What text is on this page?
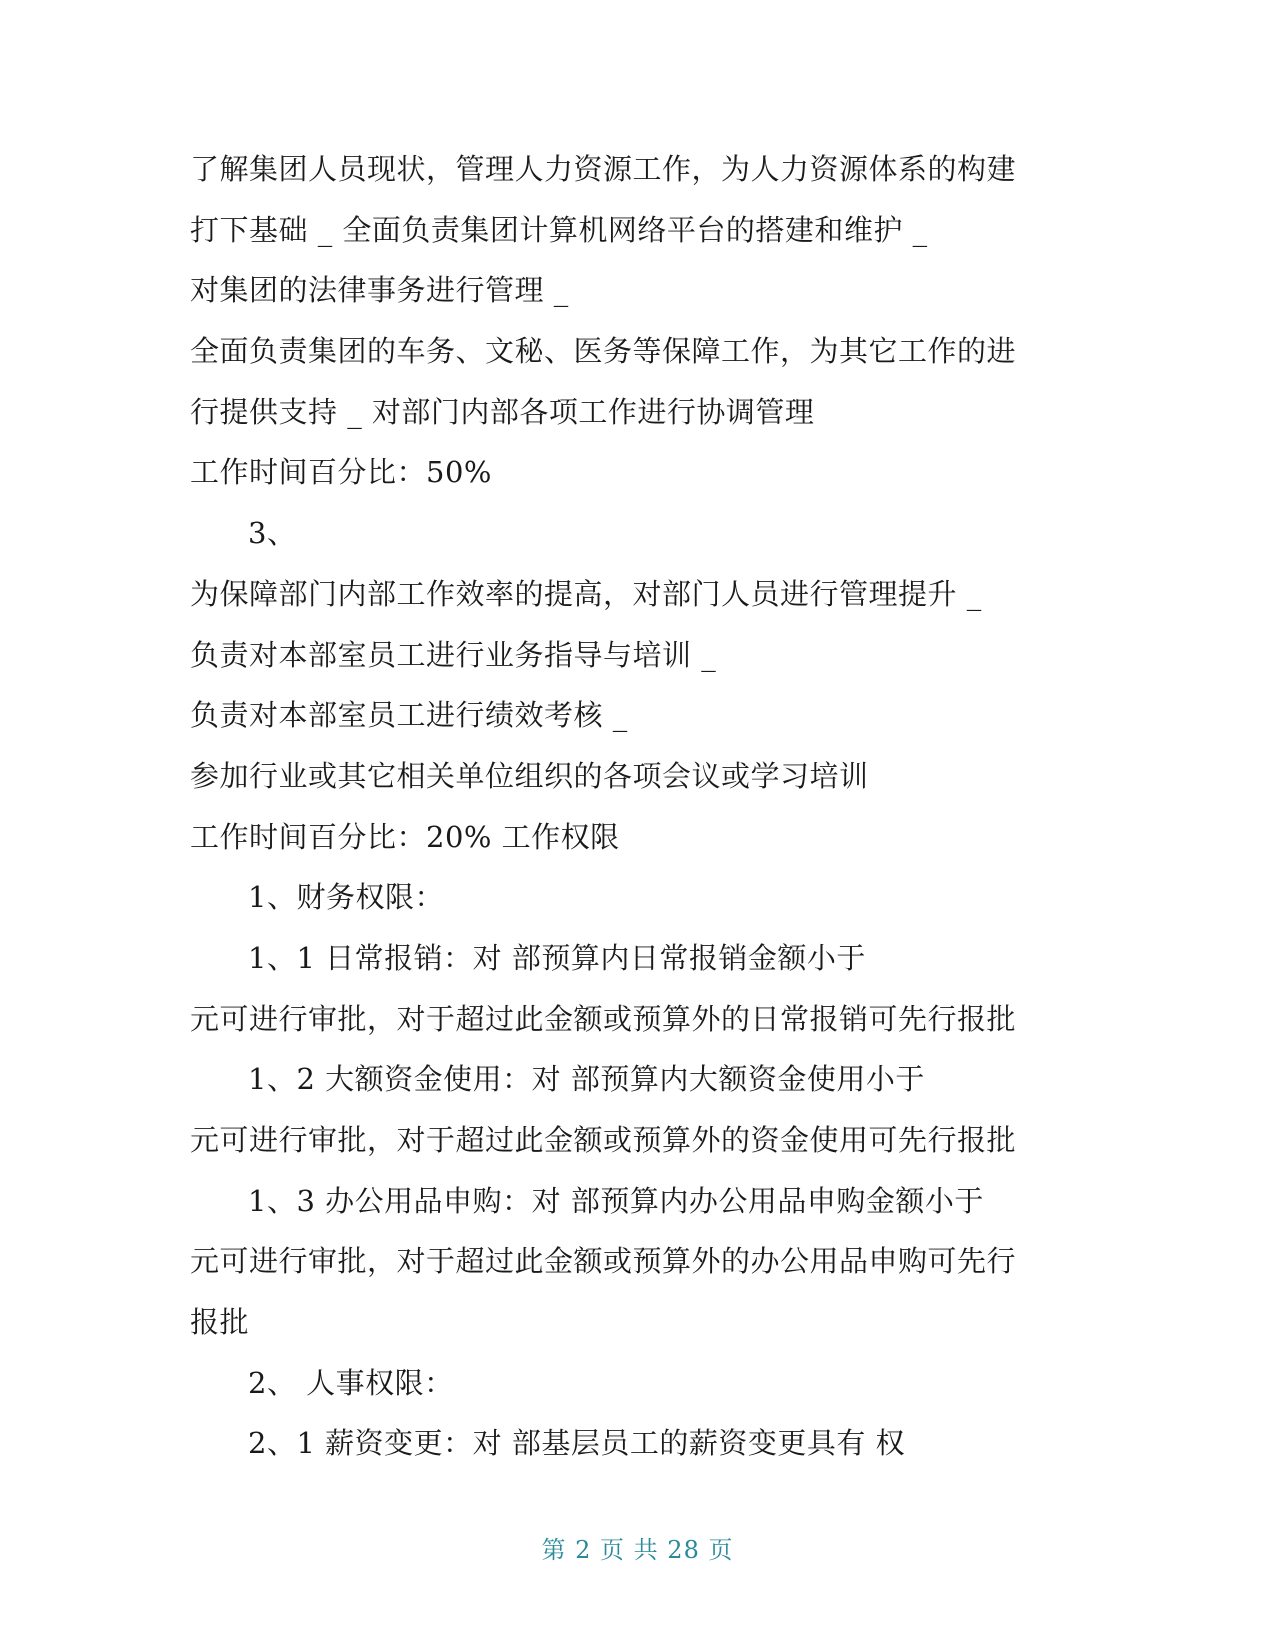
了解集团人员现状，管理人力资源工作，为人力资源体系的构建
打下基础 _ 全面负责集团计算机网络平台的搭建和维护 _
对集团的法律事务进行管理 _
全面负责集团的车务、文秘、医务等保障工作，为其它工作的进
行提供支持 _ 对部门内部各项工作进行协调管理
工作时间百分比：50%
3、
为保障部门内部工作效率的提高，对部门人员进行管理提升 _
负责对本部室员工进行业务指导与培训 _
负责对本部室员工进行绩效考核 _
参加行业或其它相关单位组织的各项会议或学习培训
工作时间百分比：20% 工作权限
1、财务权限：
1、1 日常报销：对 部预算内日常报销金额小于
元可进行审批，对于超过此金额或预算外的日常报销可先行报批
1、2 大额资金使用：对 部预算内大额资金使用小于
元可进行审批，对于超过此金额或预算外的资金使用可先行报批
1、3 办公用品申购：对 部预算内办公用品申购金额小于
元可进行审批，对于超过此金额或预算外的办公用品申购可先行
报批
2、 人事权限：
2、1 薪资变更：对 部基层员工的薪资变更具有 权
第 2 页 共 28 页
